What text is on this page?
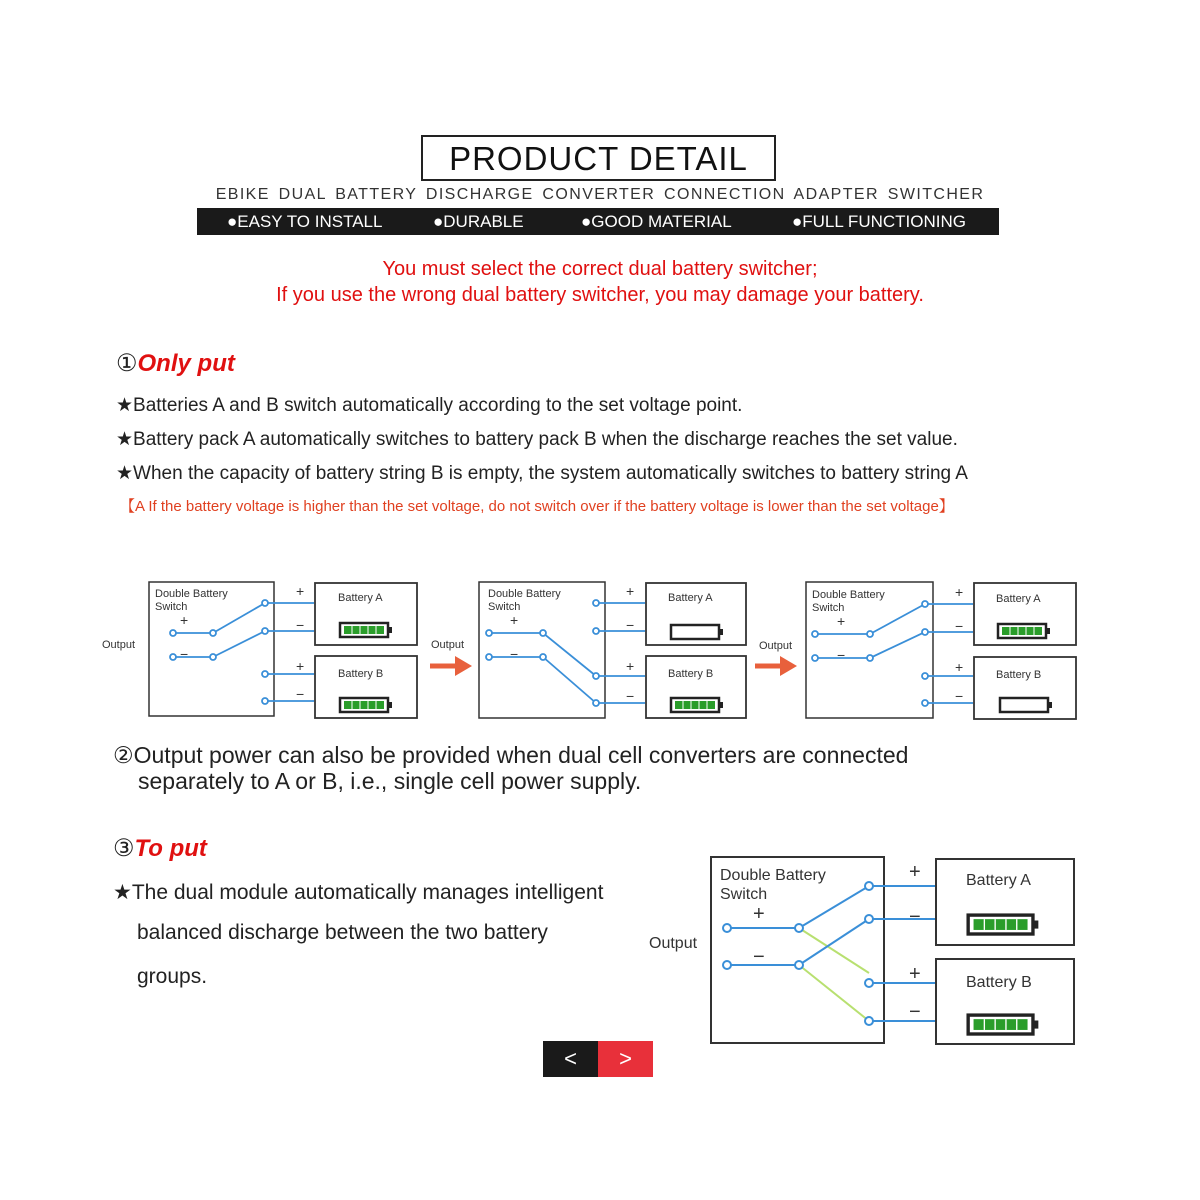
PRODUCT DETAIL
EBIKE DUAL BATTERY DISCHARGE CONVERTER CONNECTION ADAPTER SWITCHER
●EASY TO INSTALL	●DURABLE	●GOOD MATERIAL	●FULL FUNCTIONING
You must select the correct dual battery switcher;
If you use the wrong dual battery switcher, you may damage your battery.
①Only put
★Batteries A and B switch automatically according to the set voltage point.
★Battery pack A automatically switches to battery pack B when the discharge reaches the set value.
★When the capacity of battery string B is empty, the system automatically switches to battery string A
【A If the battery voltage is higher than the set voltage, do not switch over if the battery voltage is lower than the set voltage】
Double Battery
Switch
Output
+
−
+
−
+
−
Battery A
Battery B
Output
Double Battery
Switch
+
−
+
−
+
−
Battery A
Battery B
Output
Double Battery
Switch
+
−
+
−
+
−
Battery A
Battery B
②Output power can also be provided when dual cell converters are connected
separately to A or B, i.e., single cell power supply.
③To put
★The dual module automatically manages intelligent
balanced discharge between the two battery
groups.
Double Battery
Switch
Output
+
−
+
−
+
−
Battery A
Battery B
<	>
